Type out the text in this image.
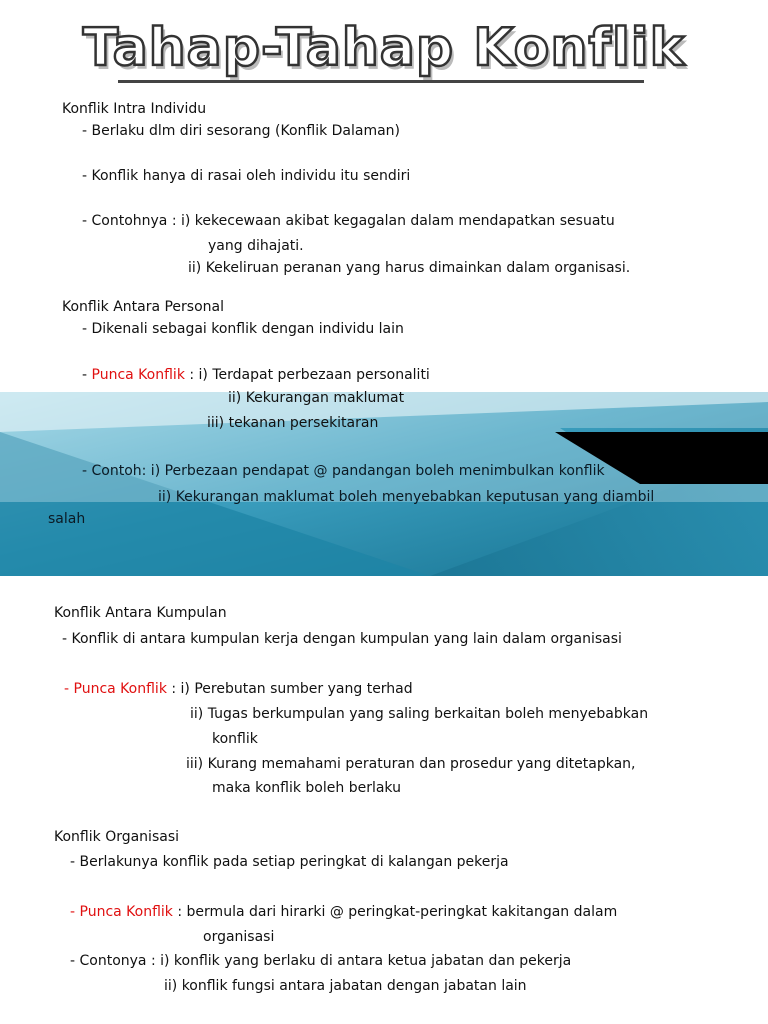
Tahap-Tahap Konflik
Konflik Intra Individu
- Berlaku dlm diri sesorang (Konflik Dalaman)
- Konflik hanya di rasai oleh individu itu sendiri
- Contohnya : i) kekecewaan akibat kegagalan dalam mendapatkan sesuatu
yang dihajati.
ii) Kekeliruan peranan yang harus dimainkan dalam organisasi.
Konflik Antara Personal
- Dikenali sebagai konflik dengan individu lain
- Punca Konflik : i) Terdapat perbezaan personaliti
ii) Kekurangan maklumat
iii) tekanan persekitaran
- Contoh: i) Perbezaan pendapat @ pandangan boleh menimbulkan konflik
ii) Kekurangan maklumat boleh menyebabkan keputusan yang diambil
salah
Konflik Antara Kumpulan
- Konflik di antara kumpulan kerja dengan kumpulan yang lain dalam organisasi
- Punca Konflik : i) Perebutan sumber yang terhad
ii) Tugas berkumpulan yang saling berkaitan boleh menyebabkan
konflik
iii) Kurang memahami peraturan dan prosedur yang ditetapkan,
maka konflik boleh berlaku
Konflik Organisasi
- Berlakunya konflik pada setiap peringkat di kalangan pekerja
- Punca Konflik : bermula dari hirarki @ peringkat-peringkat kakitangan dalam
organisasi
- Contonya : i) konflik yang berlaku di antara ketua jabatan dan pekerja
ii) konflik fungsi antara jabatan dengan jabatan lain
